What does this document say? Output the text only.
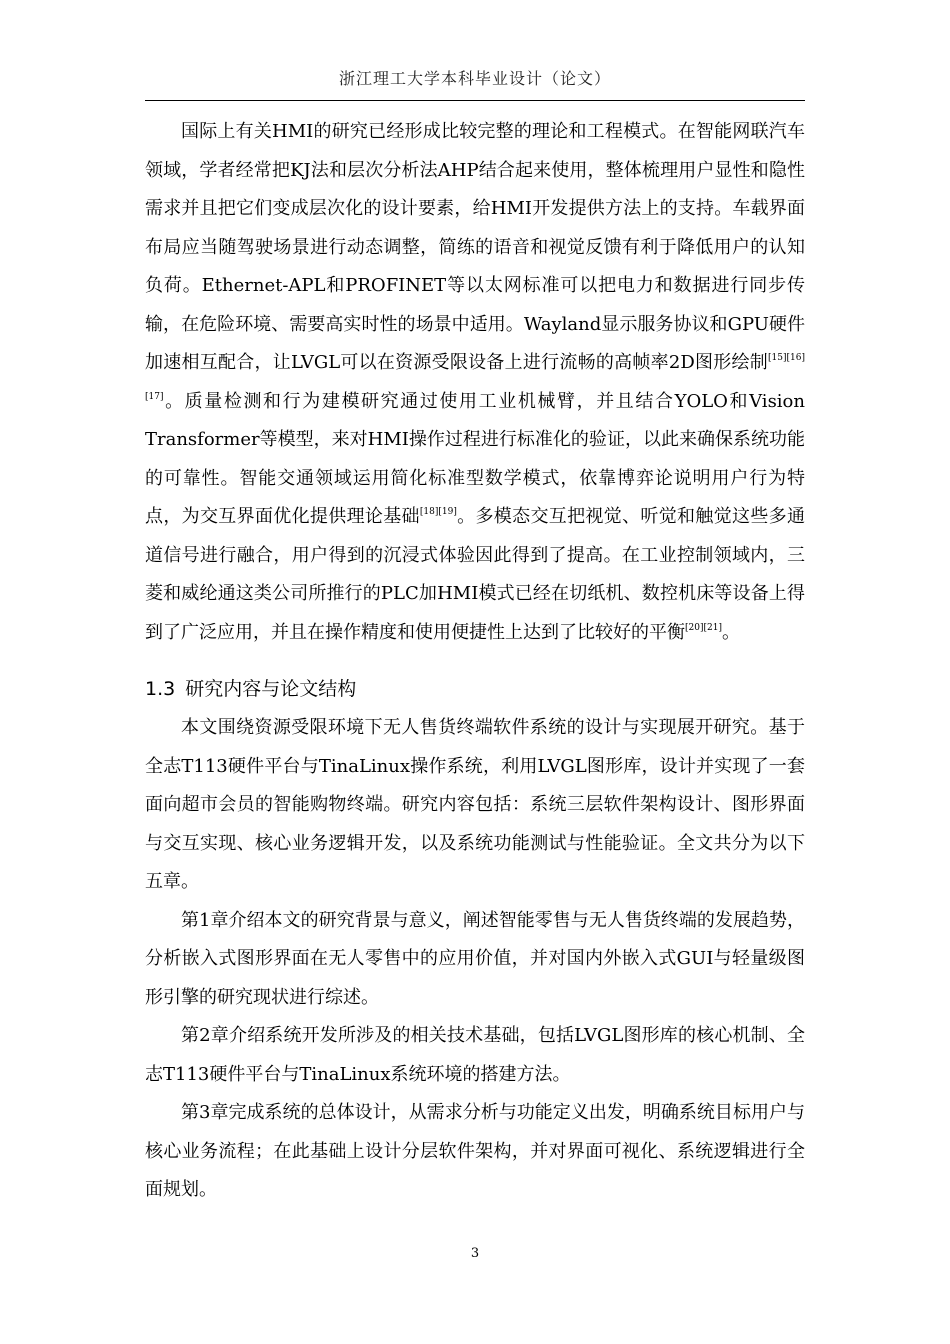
浙江理工大学本科毕业设计（论文）

国际上有关HMI的研究已经形成比较完整的理论和工程模式。在智能网联汽车领域，学者经常把KJ法和层次分析法AHP结合起来使用，整体梳理用户显性和隐性需求并且把它们变成层次化的设计要素，给HMI开发提供方法上的支持。车载界面布局应当随驾驶场景进行动态调整，简练的语音和视觉反馈有利于降低用户的认知负荷。Ethernet-APL和PROFINET等以太网标准可以把电力和数据进行同步传输，在危险环境、需要高实时性的场景中适用。Wayland显示服务协议和GPU硬件加速相互配合，让LVGL可以在资源受限设备上进行流畅的高帧率2D图形绘制[15][16][17]。质量检测和行为建模研究通过使用工业机械臂，并且结合YOLO和Vision Transformer等模型，来对HMI操作过程进行标准化的验证，以此来确保系统功能的可靠性。智能交通领域运用简化标准型数学模式，依靠博弈论说明用户行为特点，为交互界面优化提供理论基础[18][19]。多模态交互把视觉、听觉和触觉这些多通道信号进行融合，用户得到的沉浸式体验因此得到了提高。在工业控制领域内，三菱和威纶通这类公司所推行的PLC加HMI模式已经在切纸机、数控机床等设备上得到了广泛应用，并且在操作精度和使用便捷性上达到了比较好的平衡[20][21]。

1.3 研究内容与论文结构

本文围绕资源受限环境下无人售货终端软件系统的设计与实现展开研究。基于全志T113硬件平台与TinaLinux操作系统，利用LVGL图形库，设计并实现了一套面向超市会员的智能购物终端。研究内容包括：系统三层软件架构设计、图形界面与交互实现、核心业务逻辑开发，以及系统功能测试与性能验证。全文共分为以下五章。

第1章介绍本文的研究背景与意义，阐述智能零售与无人售货终端的发展趋势，分析嵌入式图形界面在无人零售中的应用价值，并对国内外嵌入式GUI与轻量级图形引擎的研究现状进行综述。

第2章介绍系统开发所涉及的相关技术基础，包括LVGL图形库的核心机制、全志T113硬件平台与TinaLinux系统环境的搭建方法。

第3章完成系统的总体设计，从需求分析与功能定义出发，明确系统目标用户与核心业务流程；在此基础上设计分层软件架构，并对界面可视化、系统逻辑进行全面规划。

3
